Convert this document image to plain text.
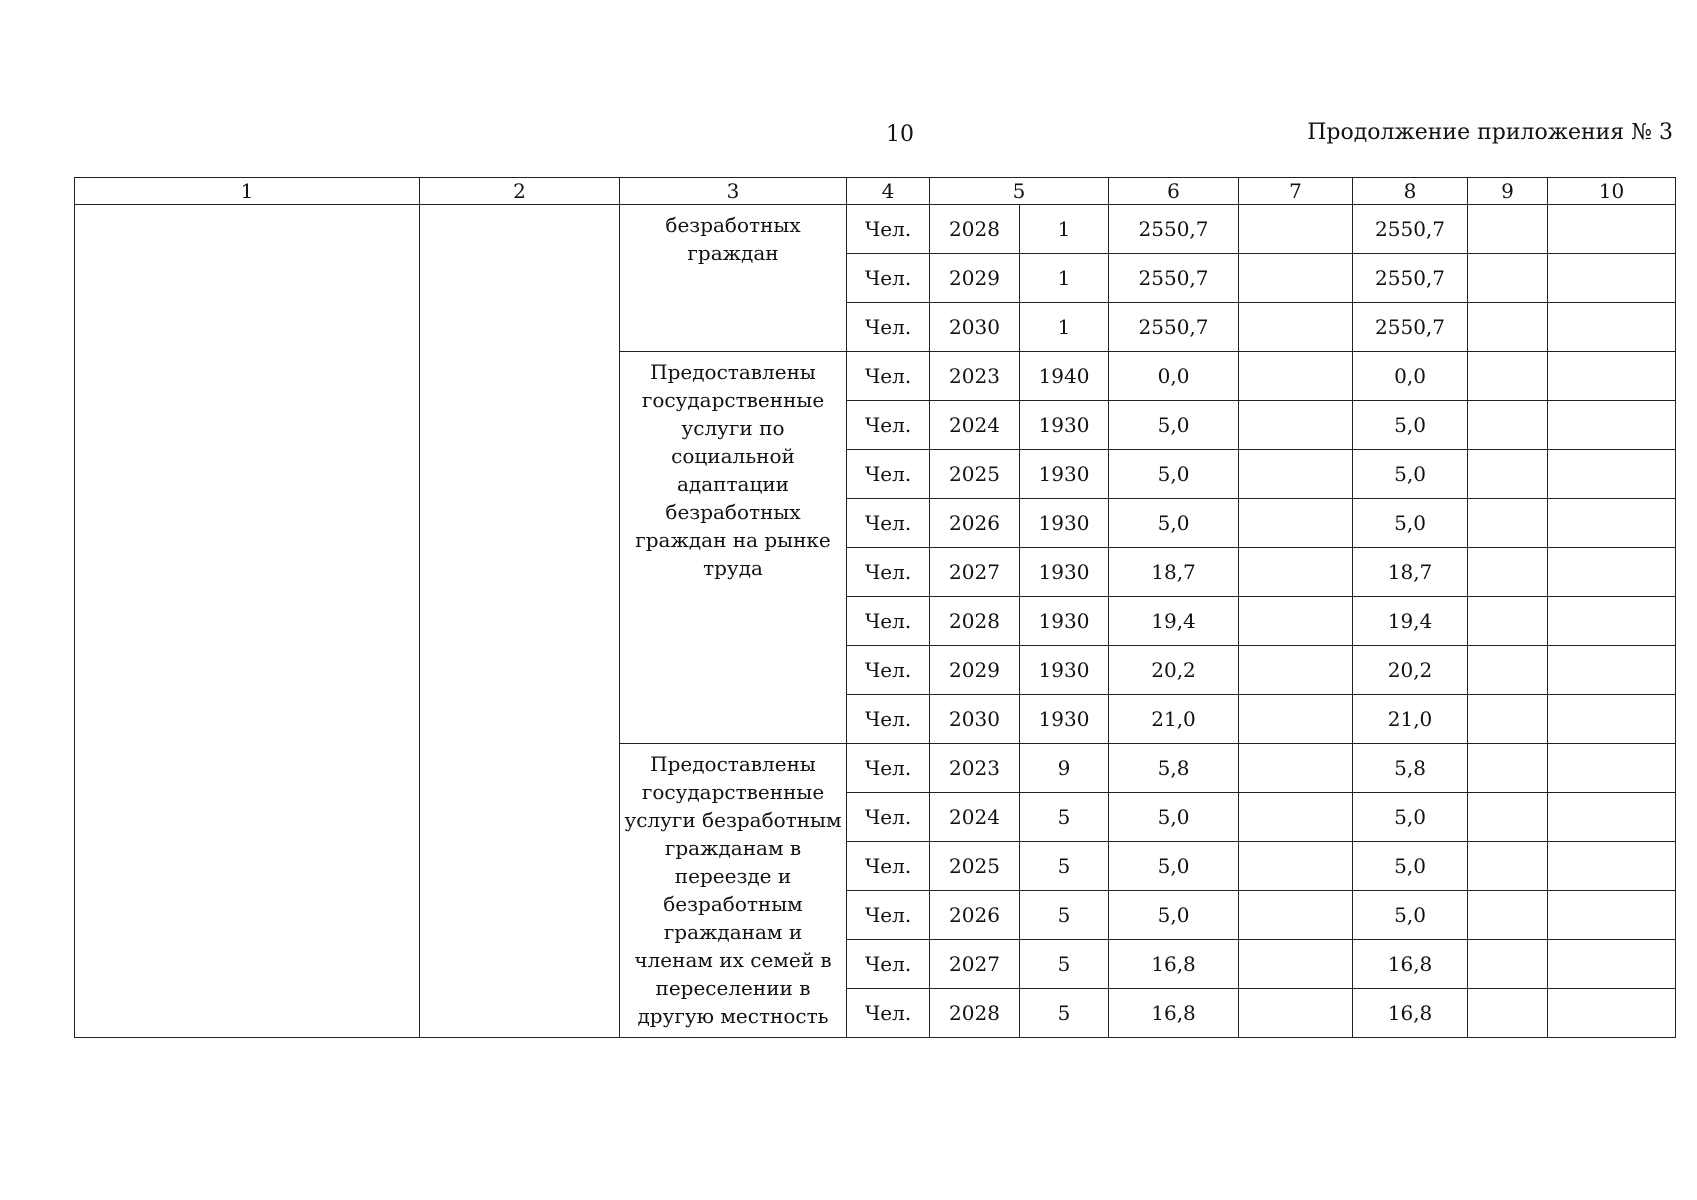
10	Продолжение приложения № 3
1	2	3	4	5		6	7	8	9	10
		безработных граждан	Чел.	2028	1	2550,7		2550,7		
			Чел.	2029	1	2550,7		2550,7		
			Чел.	2030	1	2550,7		2550,7		
		Предоставлены государственные услуги по социальной адаптации безработных граждан на рынке труда	Чел.	2023	1940	0,0		0,0		
			Чел.	2024	1930	5,0		5,0		
			Чел.	2025	1930	5,0		5,0		
			Чел.	2026	1930	5,0		5,0		
			Чел.	2027	1930	18,7		18,7		
			Чел.	2028	1930	19,4		19,4		
			Чел.	2029	1930	20,2		20,2		
			Чел.	2030	1930	21,0		21,0		
		Предоставлены государственные услуги безработным гражданам в переезде и безработным гражданам и членам их семей в переселении в другую местность	Чел.	2023	9	5,8		5,8		
			Чел.	2024	5	5,0		5,0		
			Чел.	2025	5	5,0		5,0		
			Чел.	2026	5	5,0		5,0		
			Чел.	2027	5	16,8		16,8		
			Чел.	2028	5	16,8		16,8		
